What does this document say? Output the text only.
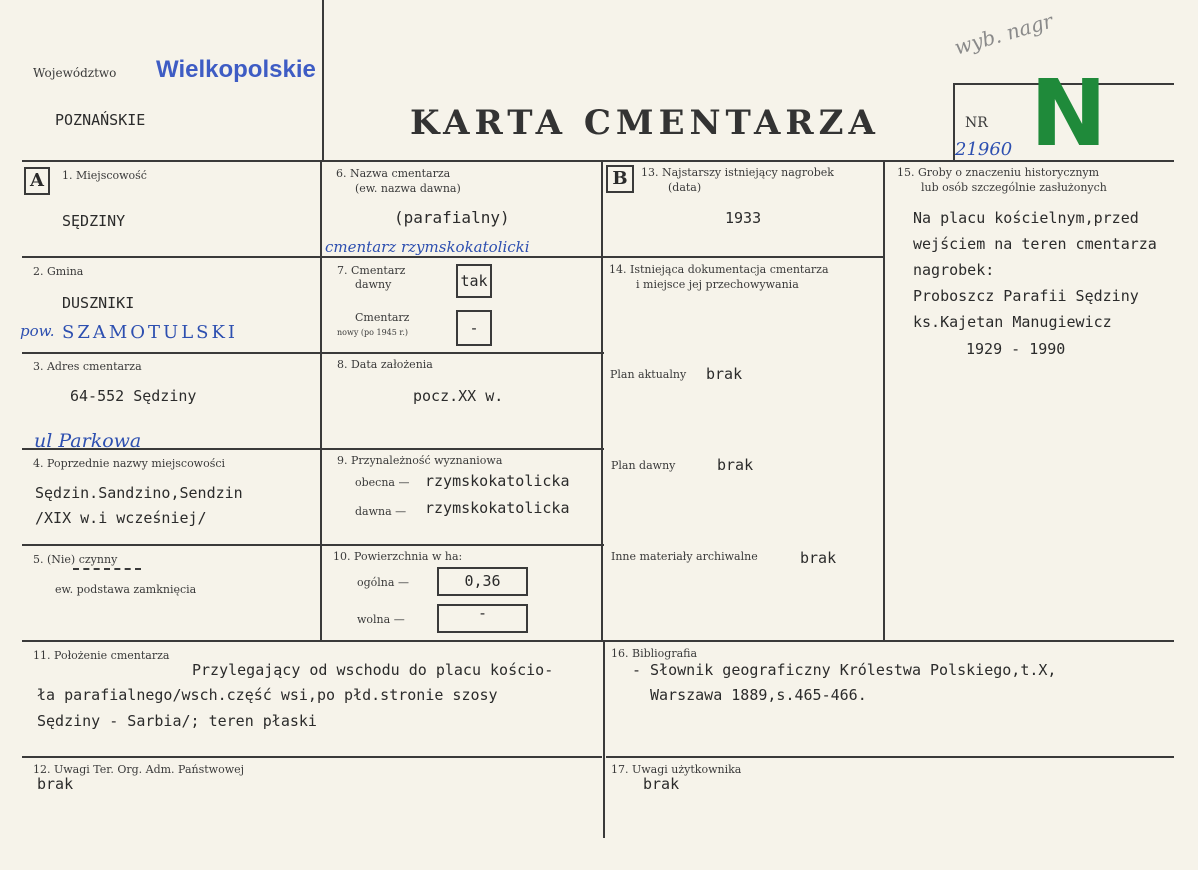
Województwo Wielkopolskie
POZNAŃSKIE	KARTA CMENTARZA	NR
21960 N
wyb. nagr
A	1. Miejscowość
SĘDZINY
2. Gmina
DUSZNIKI
pow. SZAMOTULSKI
3. Adres cmentarza
64-552 Sędziny
ul Parkowa
4. Poprzednie nazwy miejscowości
Sędzin.Sandzino,Sendzin
/XIX w.i wcześniej/
5. (Nie) czynny
ew. podstawa zamknięcia
6. Nazwa cmentarza
(ew. nazwa dawna)
(parafialny)
cmentarz rzymskokatolicki
7. Cmentarz
dawny	tak
Cmentarz
nowy (po 1945 r.)	-
8. Data założenia
pocz.XX w.
9. Przynależność wyznaniowa
obecna — rzymskokatolicka
dawna — rzymskokatolicka
10. Powierzchnia w ha:
ogólna —	0,36
wolna —	-
B	13. Najstarszy istniejący nagrobek
(data)
1933
14. Istniejąca dokumentacja cmentarza
i miejsce jej przechowywania
Plan aktualny brak
Plan dawny	brak
Inne materiały archiwalne	brak
15. Groby o znaczeniu historycznym
lub osób szczególnie zasłużonych
Na placu kościelnym,przed
wejściem na teren cmentarza
nagrobek:
Proboszcz Parafii Sędziny
ks.Kajetan Manugiewicz
1929 - 1990
11. Położenie cmentarza
Przylegający od wschodu do placu kościo-
ła parafialnego/wsch.część wsi,po płd.stronie szosy
Sędziny - Sarbia/; teren płaski
16. Bibliografia
- Słownik geograficzny Królestwa Polskiego,t.X,
Warszawa 1889,s.465-466.
12. Uwagi Ter. Org. Adm. Państwowej
brak
17. Uwagi użytkownika
brak
